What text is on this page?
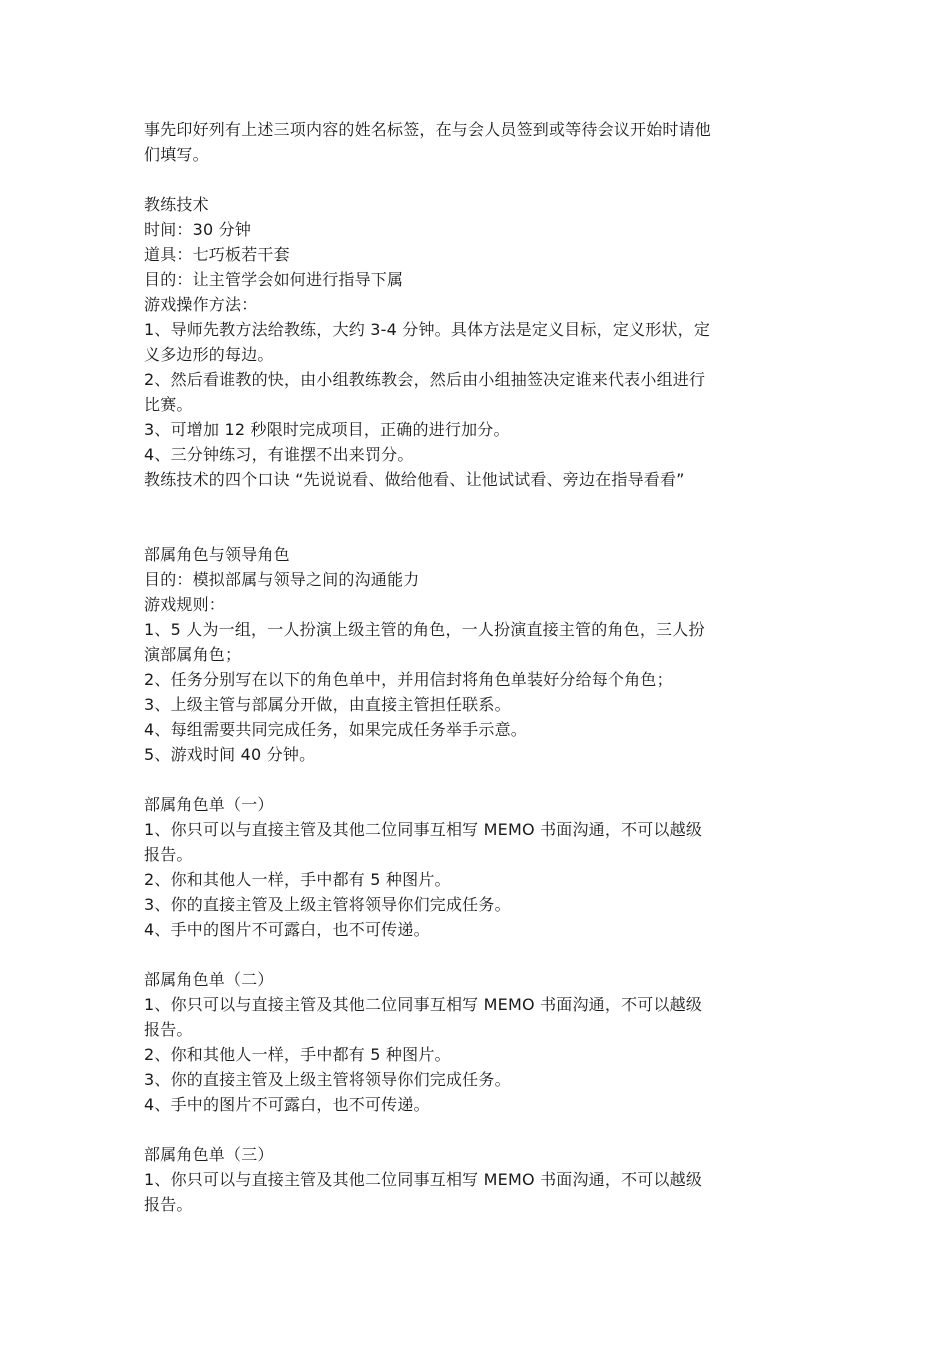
事先印好列有上述三项内容的姓名标签，在与会人员签到或等待会议开始时请他
们填写。
教练技术
时间：30 分钟
道具：七巧板若干套
目的：让主管学会如何进行指导下属
游戏操作方法：
1、导师先教方法给教练，大约 3-4 分钟。具体方法是定义目标，定义形状，定
义多边形的每边。
2、然后看谁教的快，由小组教练教会，然后由小组抽签决定谁来代表小组进行
比赛。
3、可增加 12 秒限时完成项目，正确的进行加分。
4、三分钟练习，有谁摆不出来罚分。
教练技术的四个口诀 “先说说看、做给他看、让他试试看、旁边在指导看看”
部属角色与领导角色
目的：模拟部属与领导之间的沟通能力
游戏规则：
1、5 人为一组，一人扮演上级主管的角色，一人扮演直接主管的角色，三人扮
演部属角色；
2、任务分别写在以下的角色单中，并用信封将角色单装好分给每个角色；
3、上级主管与部属分开做，由直接主管担任联系。
4、每组需要共同完成任务，如果完成任务举手示意。
5、游戏时间 40 分钟。
部属角色单（一）
1、你只可以与直接主管及其他二位同事互相写 MEMO 书面沟通，不可以越级
报告。
2、你和其他人一样，手中都有 5 种图片。
3、你的直接主管及上级主管将领导你们完成任务。
4、手中的图片不可露白，也不可传递。
部属角色单（二）
1、你只可以与直接主管及其他二位同事互相写 MEMO 书面沟通，不可以越级
报告。
2、你和其他人一样，手中都有 5 种图片。
3、你的直接主管及上级主管将领导你们完成任务。
4、手中的图片不可露白，也不可传递。
部属角色单（三）
1、你只可以与直接主管及其他二位同事互相写 MEMO 书面沟通，不可以越级
报告。
